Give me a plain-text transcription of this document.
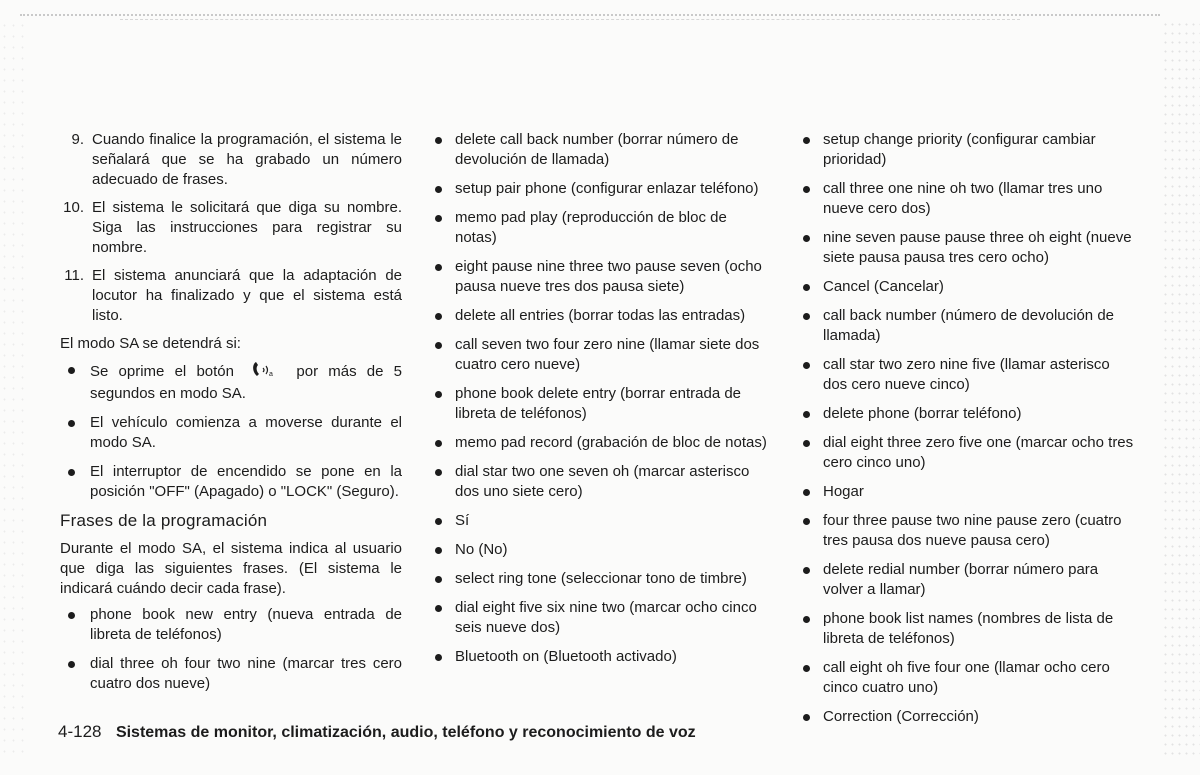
9. Cuando finalice la programación, el sistema le señalará que se ha grabado un número adecuado de frases.
10. El sistema le solicitará que diga su nombre. Siga las instrucciones para registrar su nombre.
11. El sistema anunciará que la adaptación de locutor ha finalizado y que el sistema está listo.

El modo SA se detendrá si:

Se oprime el botón	a por más de 5 segundos en modo SA.
El vehículo comienza a moverse durante el modo SA.
El interruptor de encendido se pone en la posición "OFF" (Apagado) o "LOCK" (Seguro).
Frases de la programación

Durante el modo SA, el sistema indica al usuario que diga las siguientes frases. (El sistema le indicará cuándo decir cada frase).

phone book new entry (nueva entrada de libreta de teléfonos)
dial three oh four two nine (marcar tres cero cuatro dos nueve)
delete call back number (borrar número de devolución de llamada)
setup pair phone (configurar enlazar teléfono)
memo pad play (reproducción de bloc de notas)
eight pause nine three two pause seven (ocho pausa nueve tres dos pausa siete)
delete all entries (borrar todas las entradas)
call seven two four zero nine (llamar siete dos cuatro cero nueve)
phone book delete entry (borrar entrada de libreta de teléfonos)
memo pad record (grabación de bloc de notas)
dial star two one seven oh (marcar asterisco dos uno siete cero)
Sí
No (No)
select ring tone (seleccionar tono de timbre)
dial eight five six nine two (marcar ocho cinco seis nueve dos)
Bluetooth on (Bluetooth activado)
setup change priority (configurar cambiar prioridad)
call three one nine oh two (llamar tres uno nueve cero dos)
nine seven pause pause three oh eight (nueve siete pausa pausa tres cero ocho)
Cancel (Cancelar)
call back number (número de devolución de llamada)
call star two zero nine five (llamar asterisco dos cero nueve cinco)
delete phone (borrar teléfono)
dial eight three zero five one (marcar ocho tres cero cinco uno)
Hogar
four three pause two nine pause zero (cuatro tres pausa dos nueve pausa cero)
delete redial number (borrar número para volver a llamar)
phone book list names (nombres de lista de libreta de teléfonos)
call eight oh five four one (llamar ocho cero cinco cuatro uno)
Correction (Corrección)
4-128 Sistemas de monitor, climatización, audio, teléfono y reconocimiento de voz
